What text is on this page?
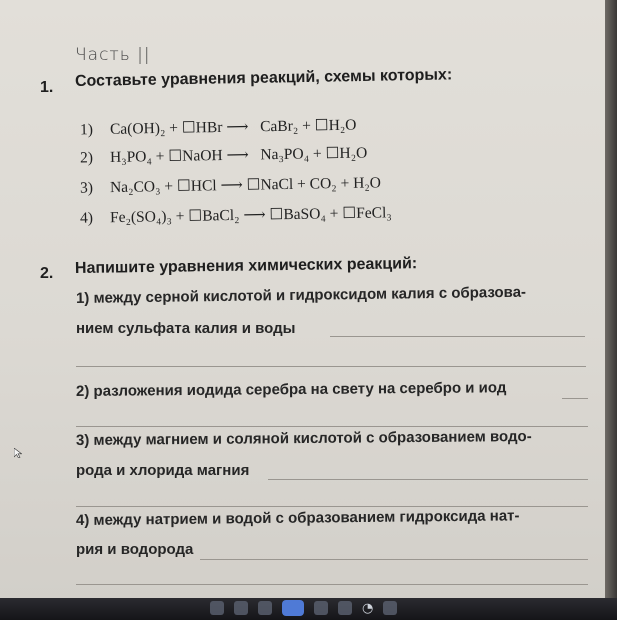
Часть ||
1. Составьте уравнения реакций, схемы которых:
1) Ca(OH)₂ + ☐HBr ⟶   CaBr₂ + ☐H₂O
2) H₃PO₄ + ☐NaOH ⟶   Na₃PO₄ + ☐H₂O
3) Na₂CO₃ + ☐HCl ⟶ ☐NaCl + CO₂ + H₂O
4) Fe₂(SO₄)₃ + ☐BaCl₂ ⟶ ☐BaSO₄ + ☐FeCl₃
2. Напишите уравнения химических реакций:
1) между серной кислотой и гидроксидом калия с образова-
нием сульфата калия и воды
2) разложения иодида серебра на свету на серебро и иод
3) между магнием и соляной кислотой с образованием водо-
рода и хлорида магния
4) между натрием и водой с образованием гидроксида нат-
рия и водорода
◔
